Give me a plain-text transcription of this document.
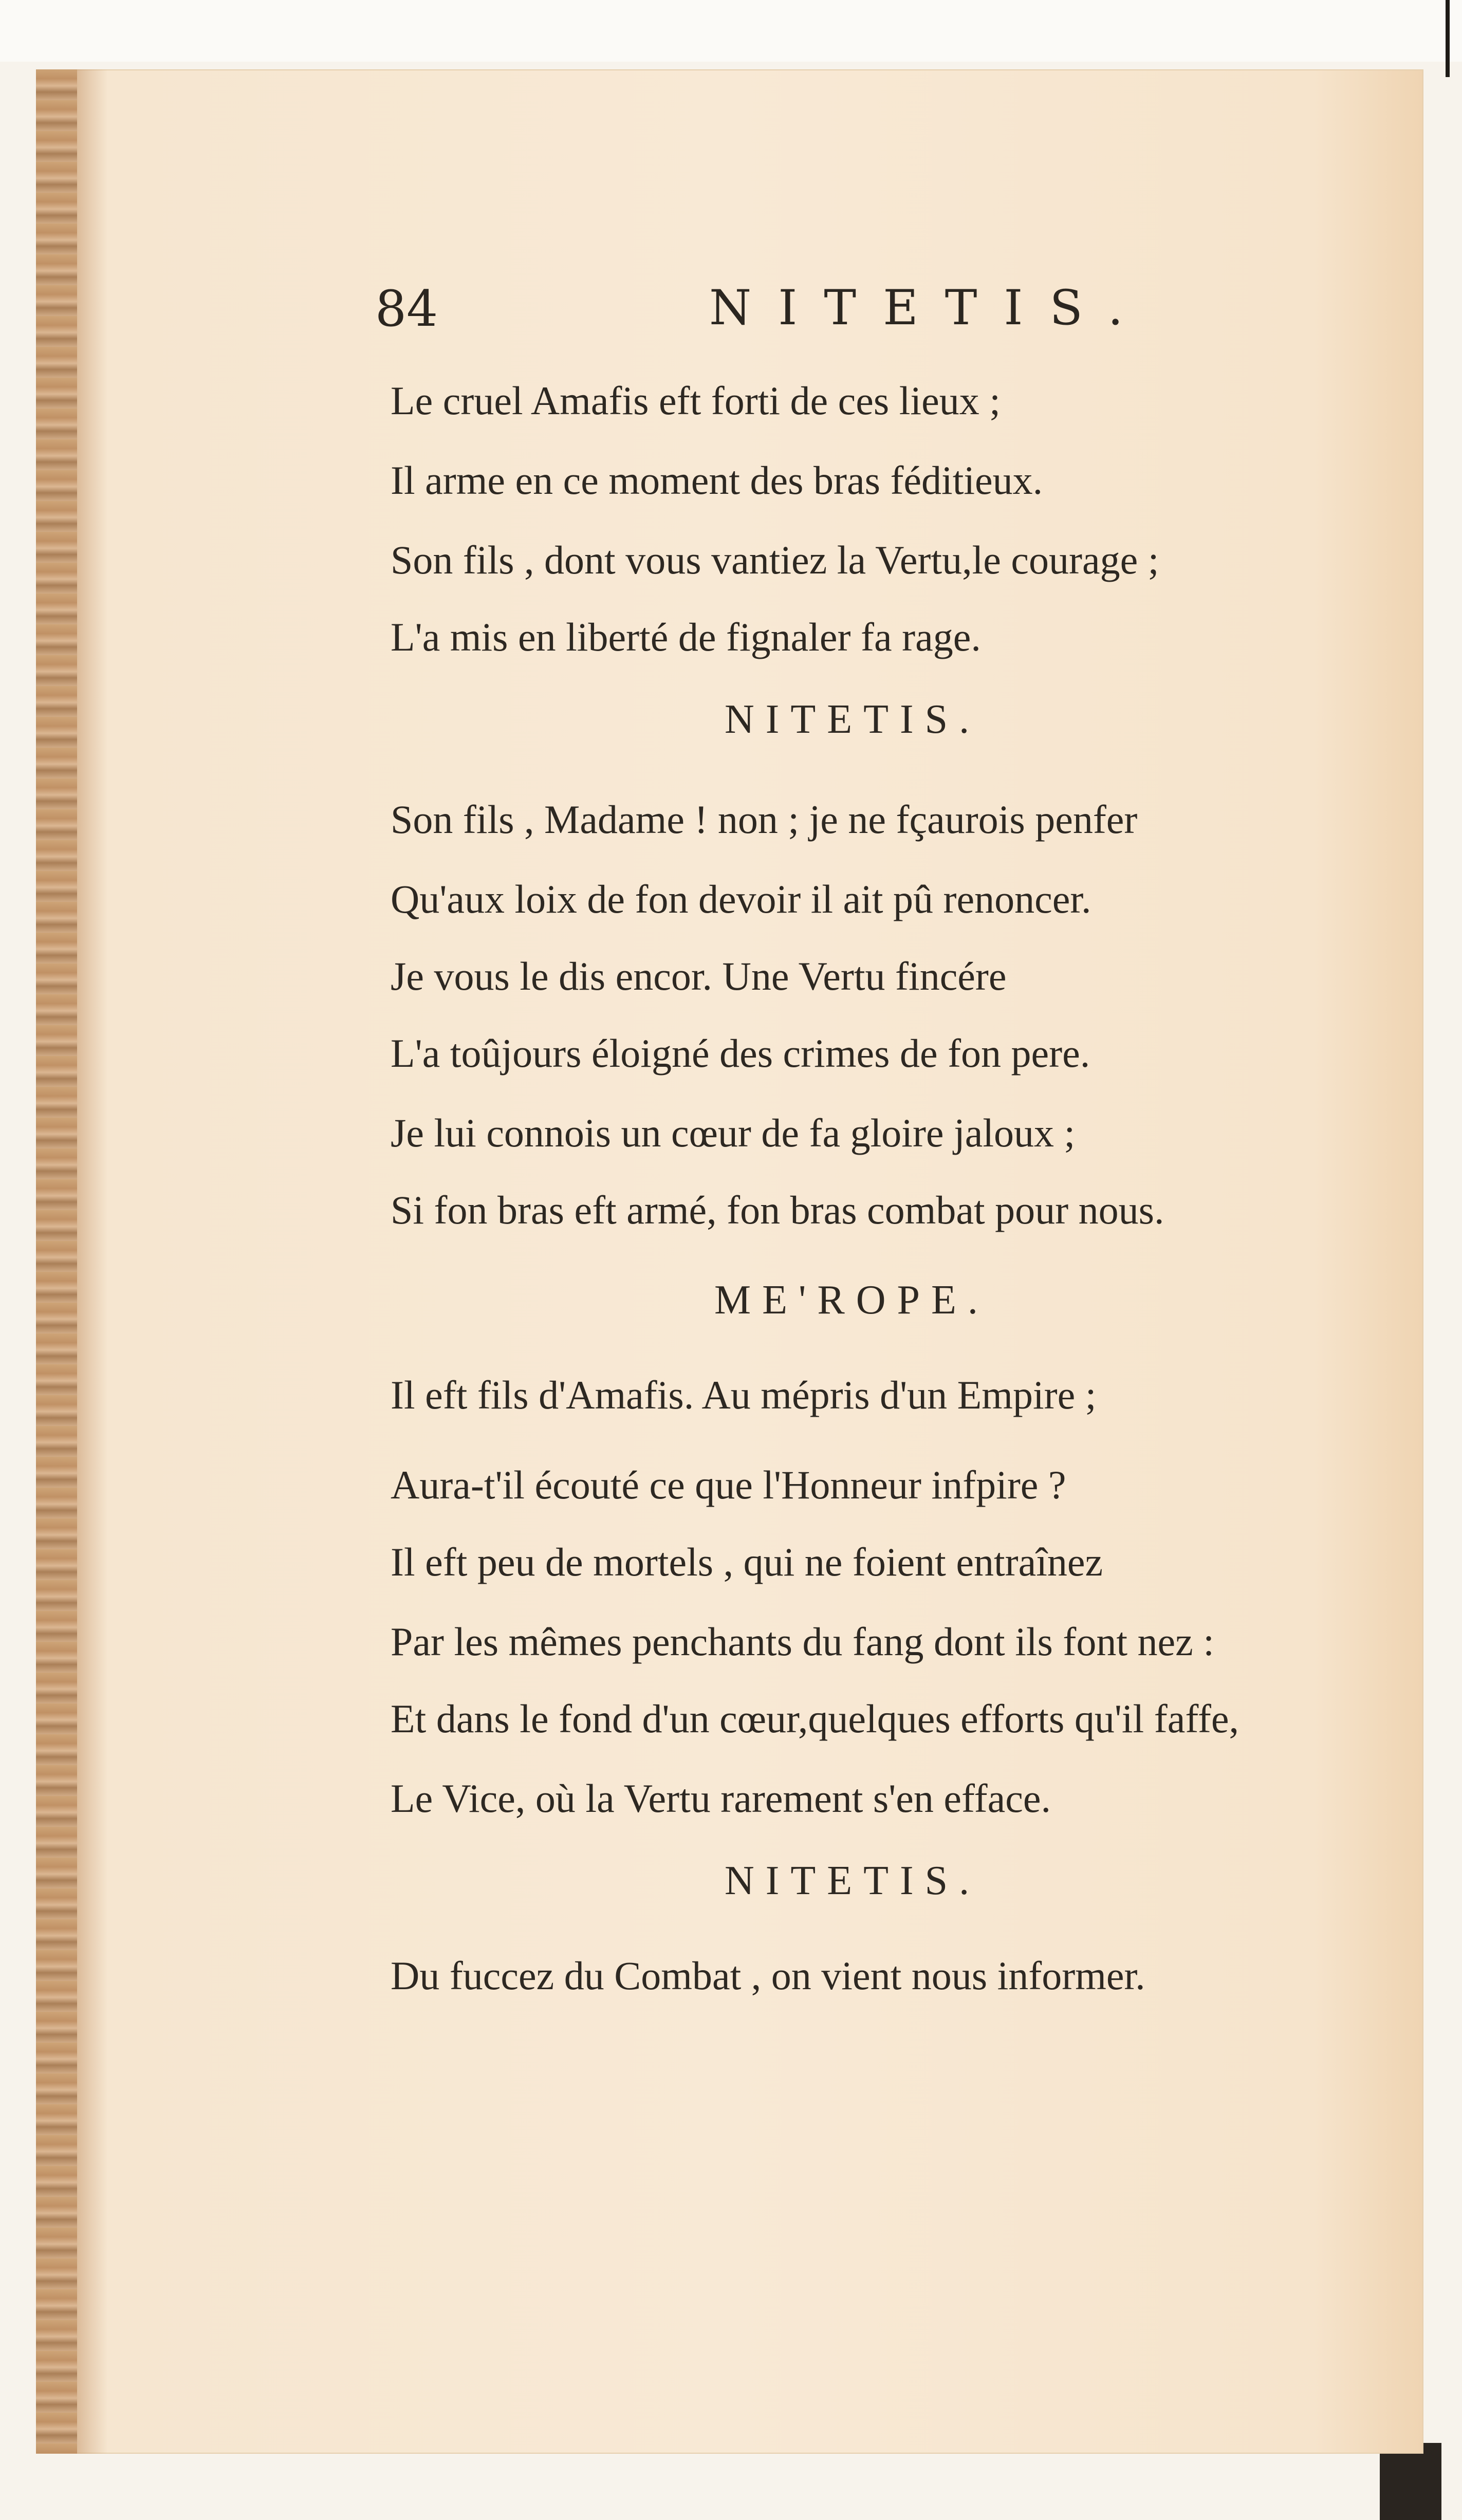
84	NITETIS.
Le cruel Amafis eft forti de ces lieux ;
Il arme en ce moment des bras féditieux.
Son fils , dont vous vantiez la Vertu,le courage ;
L'a mis en liberté de fignaler fa rage.
NITETIS.
Son fils , Madame ! non ; je ne fçaurois penfer
Qu'aux loix de fon devoir il ait pû renoncer.
Je vous le dis encor. Une Vertu fincére
L'a toûjours éloigné des crimes de fon pere.
Je lui connois un cœur de fa gloire jaloux ;
Si fon bras eft armé, fon bras combat pour nous.
ME'ROPE.
Il eft fils d'Amafis. Au mépris d'un Empire ;
Aura-t'il écouté ce que l'Honneur infpire ?
Il eft peu de mortels , qui ne foient entraînez
Par les mêmes penchants du fang dont ils font nez :
Et dans le fond d'un cœur,quelques efforts qu'il faffe,
Le Vice, où la Vertu rarement s'en efface.
NITETIS.
Du fuccez du Combat , on vient nous informer.
